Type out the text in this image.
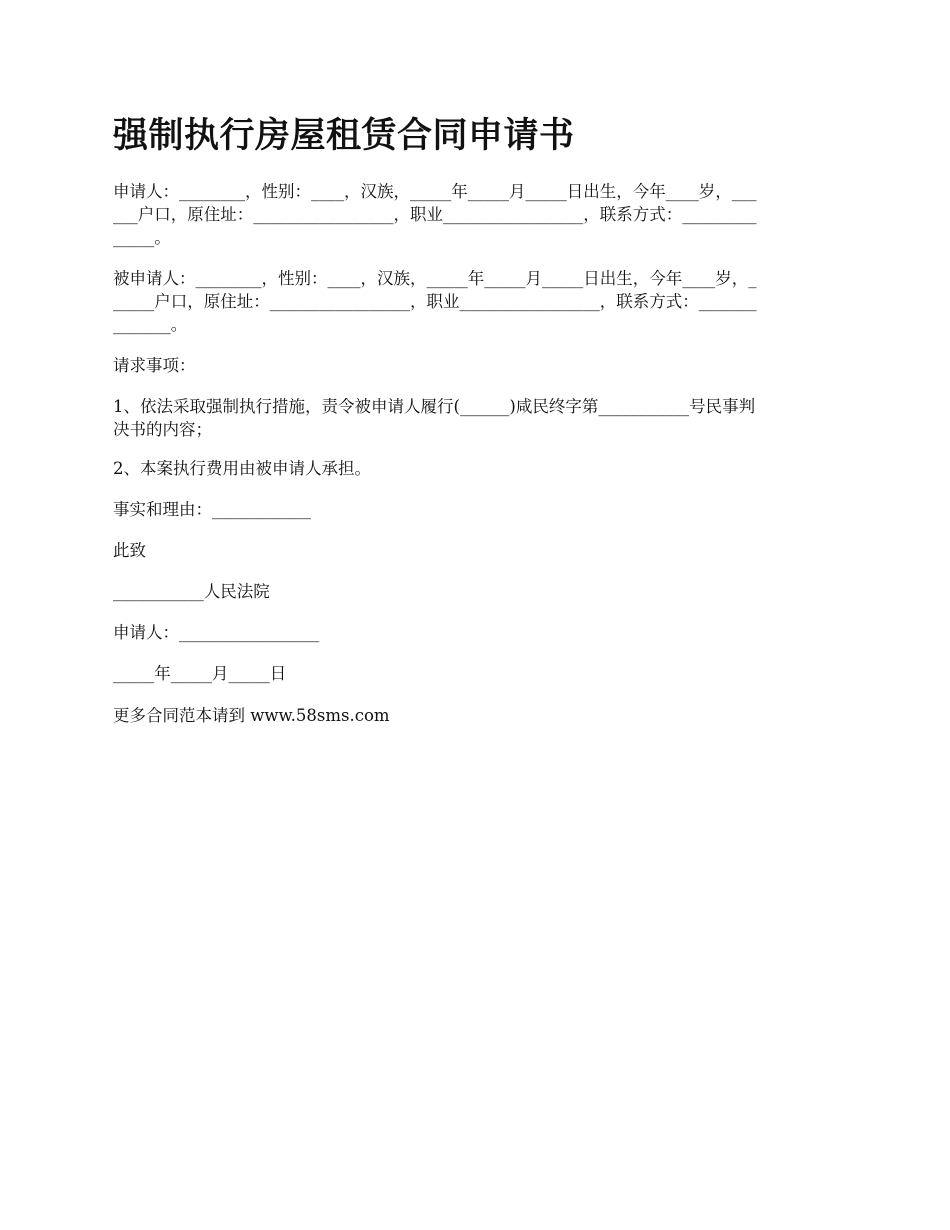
强制执行房屋租赁合同申请书

申请人：________，性别：____，汉族，_____年_____月_____日出生，今年____岁，___
___户口，原住址：_________________，职业_________________，联系方式：_________
_____。

被申请人：________，性别：____，汉族，_____年_____月_____日出生，今年____岁，_
_____户口，原住址：_________________，职业_________________，联系方式：_______
_______。

请求事项：

1、依法采取强制执行措施，责令被申请人履行(______)咸民终字第___________号民事判
决书的内容；

2、本案执行费用由被申请人承担。

事实和理由：____________

此致

___________人民法院

申请人：_________________

_____年_____月_____日

更多合同范本请到 www.58sms.com
